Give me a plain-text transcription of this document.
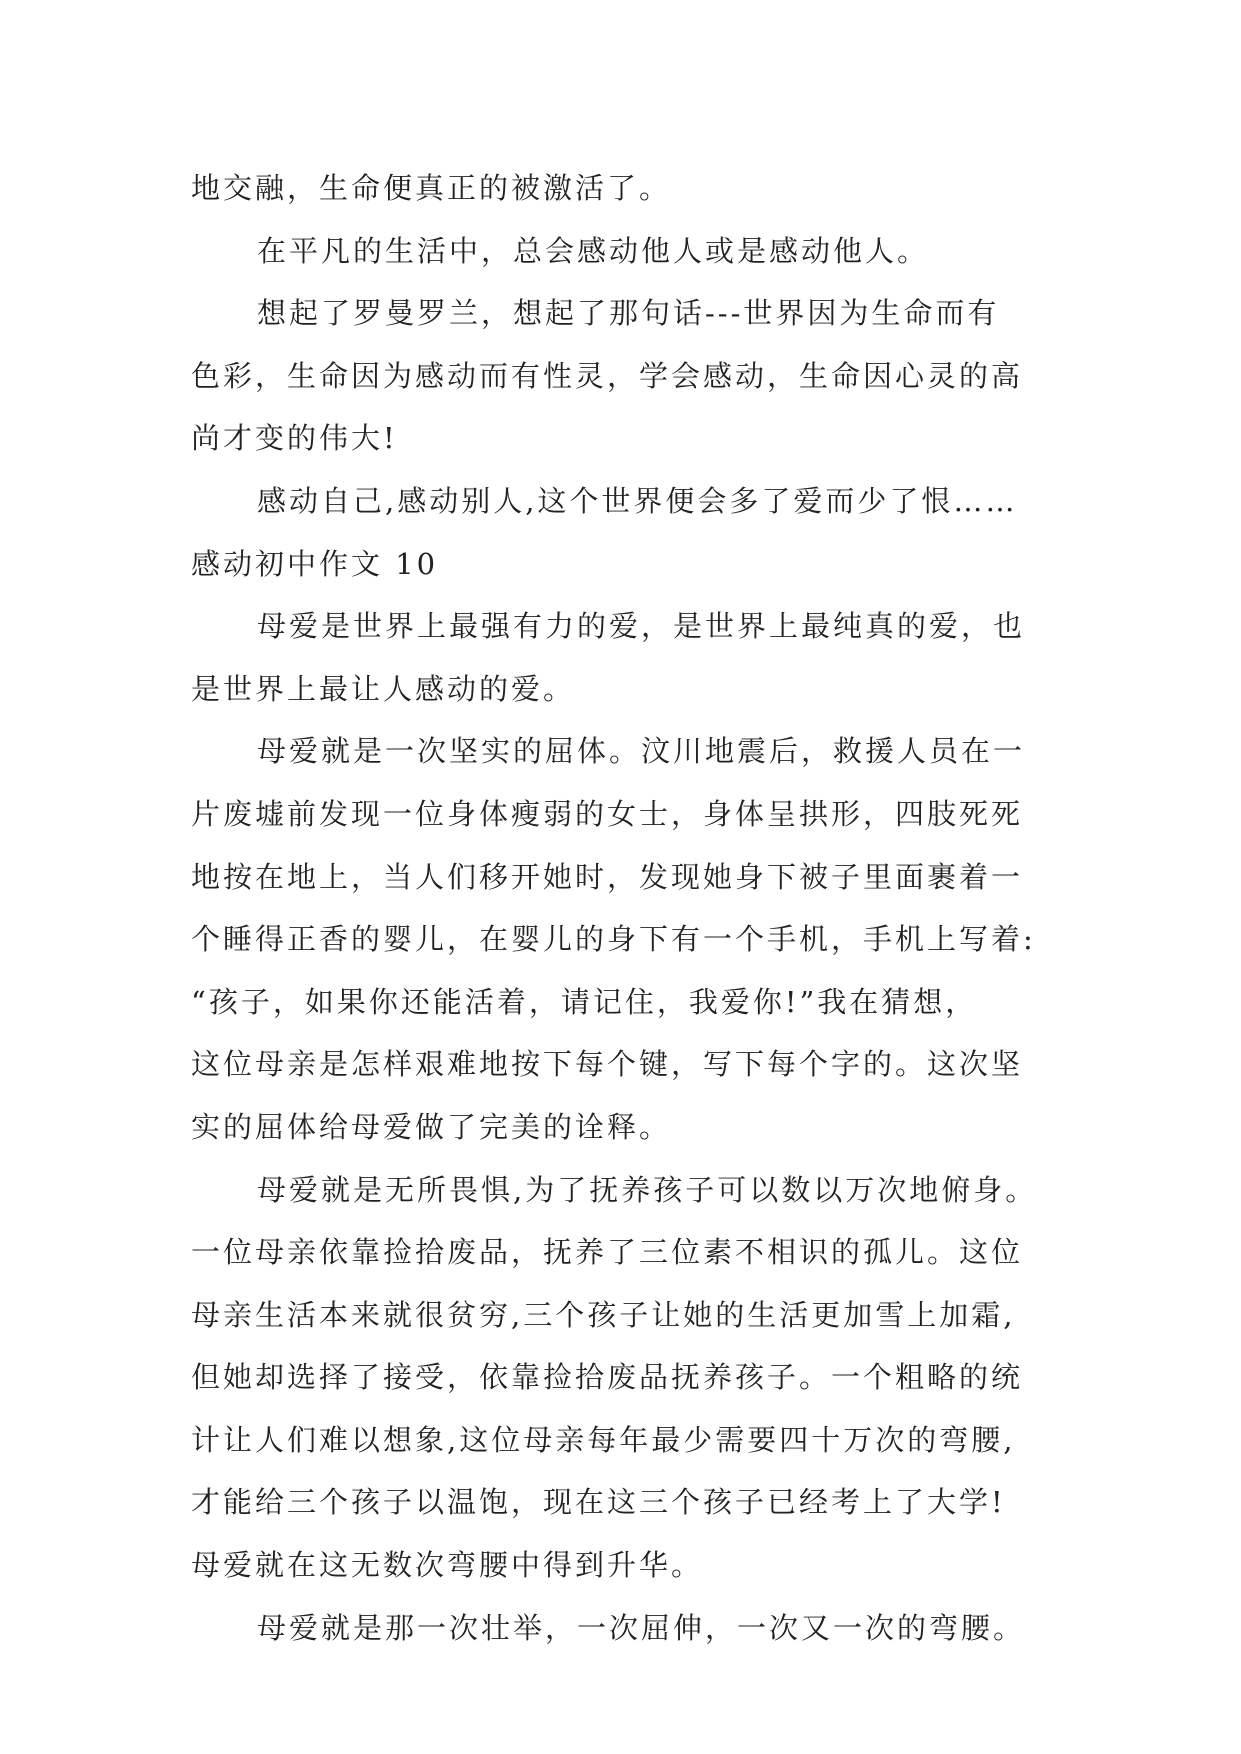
地交融，生命便真正的被激活了。
在平凡的生活中，总会感动他人或是感动他人。
想起了罗曼罗兰，想起了那句话---世界因为生命而有
色彩，生命因为感动而有性灵，学会感动，生命因心灵的高
尚才变的伟大!
感动自己,感动别人,这个世界便会多了爱而少了恨……
感动初中作文 10
母爱是世界上最强有力的爱，是世界上最纯真的爱，也
是世界上最让人感动的爱。
母爱就是一次坚实的屈体。汶川地震后，救援人员在一
片废墟前发现一位身体瘦弱的女士，身体呈拱形，四肢死死
地按在地上，当人们移开她时，发现她身下被子里面裹着一
个睡得正香的婴儿，在婴儿的身下有一个手机，手机上写着:
“孩子，如果你还能活着，请记住，我爱你!”我在猜想，
这位母亲是怎样艰难地按下每个键，写下每个字的。这次坚
实的屈体给母爱做了完美的诠释。
母爱就是无所畏惧,为了抚养孩子可以数以万次地俯身。
一位母亲依靠捡拾废品，抚养了三位素不相识的孤儿。这位
母亲生活本来就很贫穷,三个孩子让她的生活更加雪上加霜,
但她却选择了接受，依靠捡拾废品抚养孩子。一个粗略的统
计让人们难以想象,这位母亲每年最少需要四十万次的弯腰,
才能给三个孩子以温饱，现在这三个孩子已经考上了大学!
母爱就在这无数次弯腰中得到升华。
母爱就是那一次壮举，一次屈伸，一次又一次的弯腰。
